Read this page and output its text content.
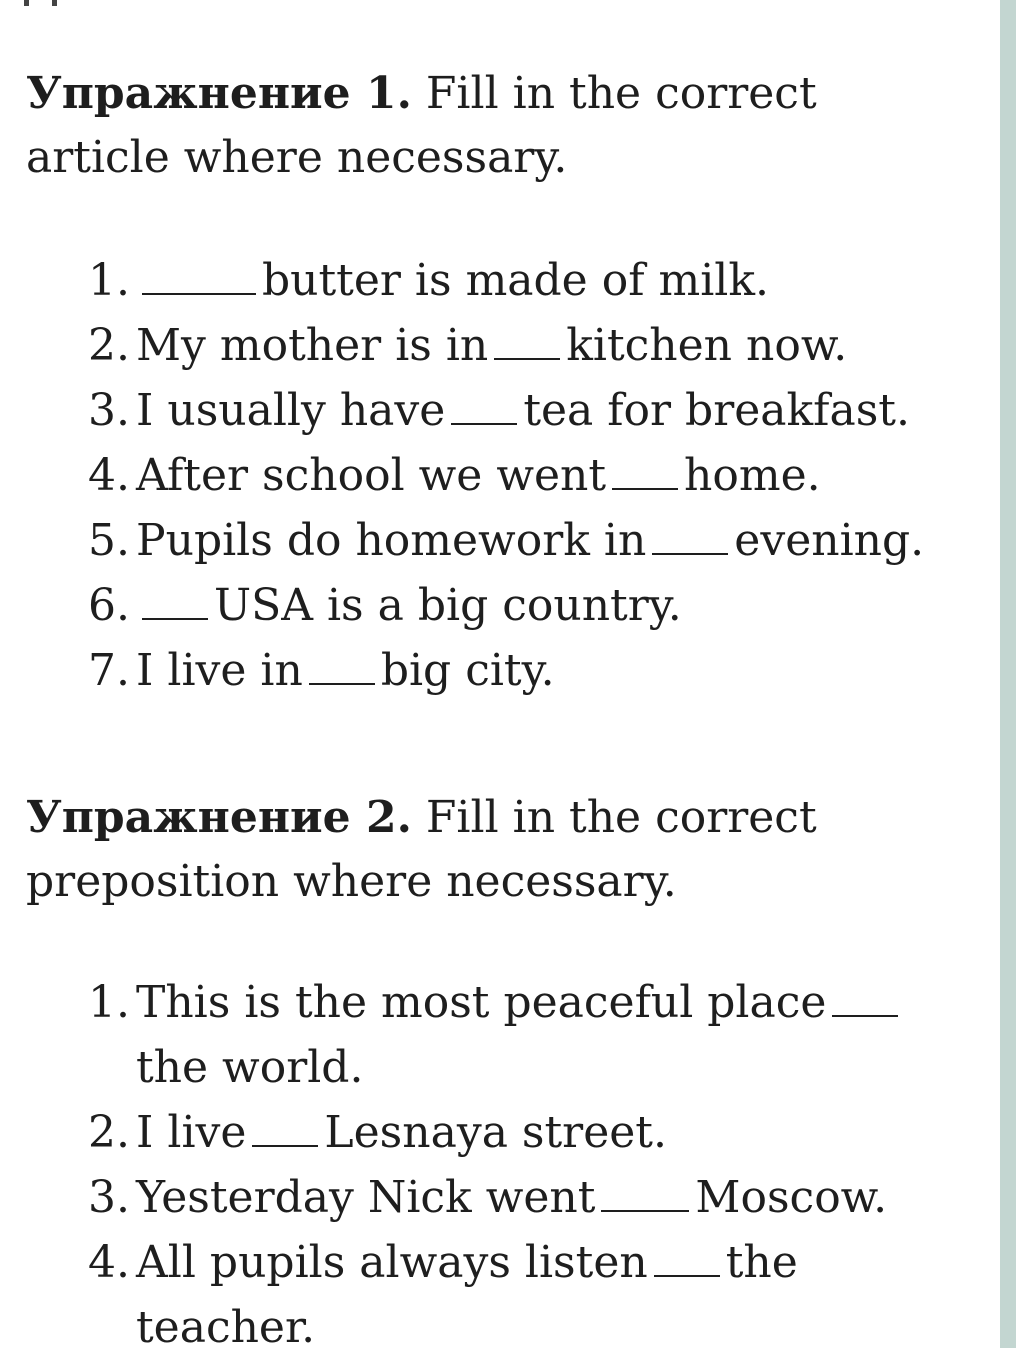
Упражнение 1. Fill in the correct article where necessary.
1.	butter is made of milk.
2. My mother is in kitchen now.
3. I usually have tea for breakfast.
4. After school we went home.
5. Pupils do homework in evening.
6. USA is a big country.
7. I live in big city.
Упражнение 2. Fill in the correct preposition where necessary.
1. This is the most peaceful placethe world.
2. I live Lesnaya street.
3. Yesterday Nick went Moscow.
4. All pupils always listen the teacher.
